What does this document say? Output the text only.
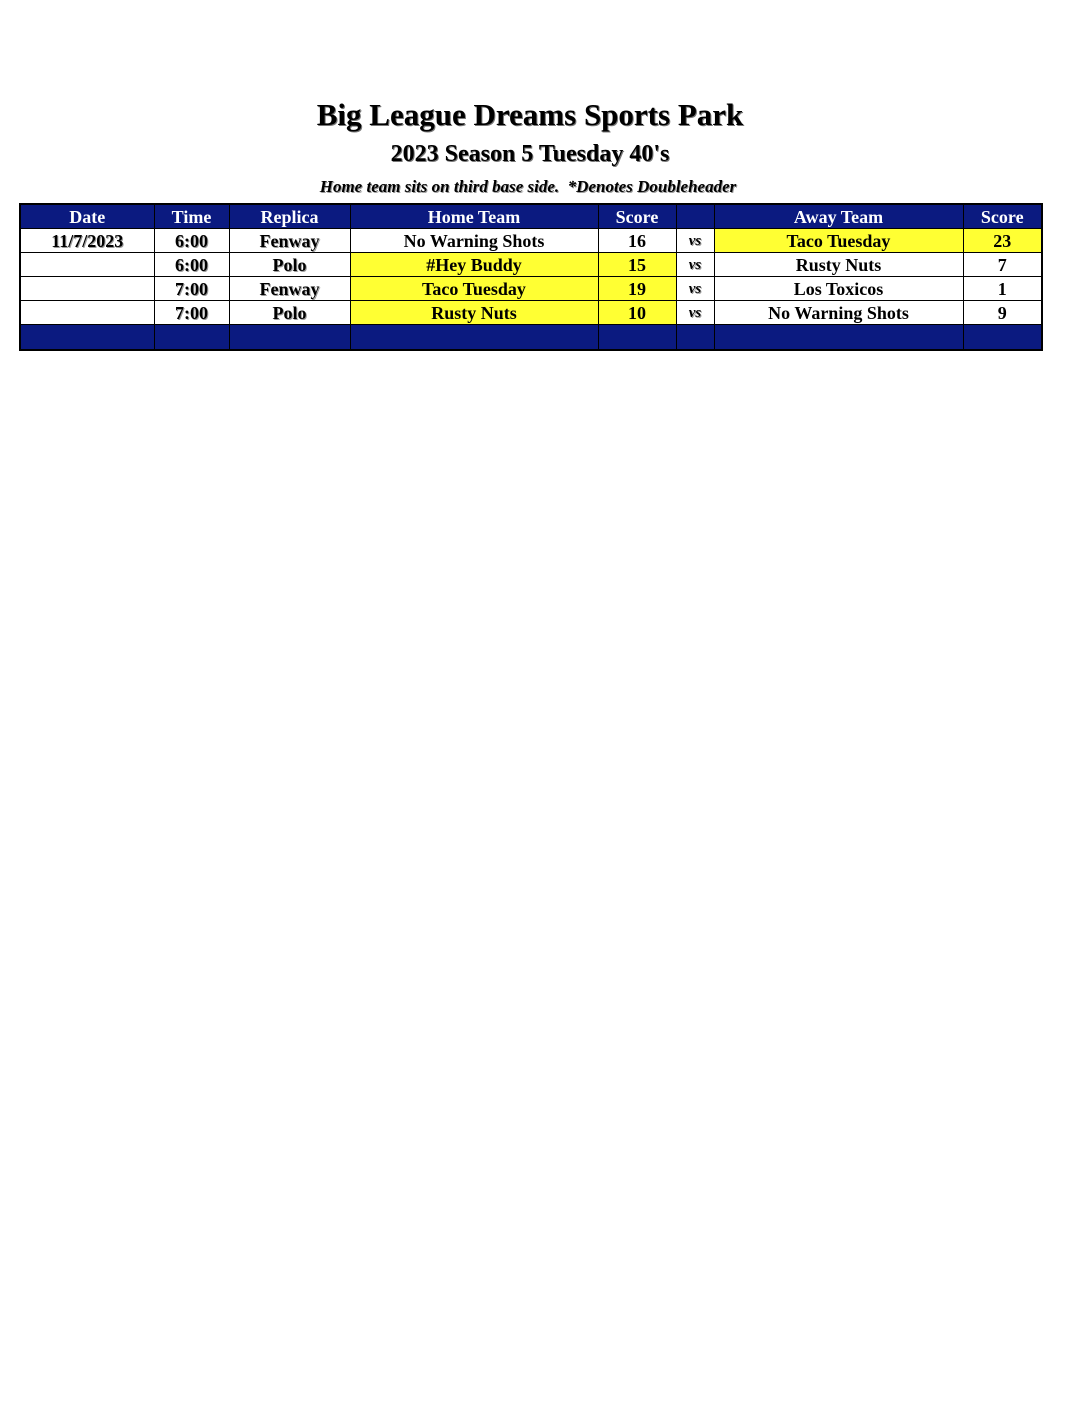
Big League Dreams Sports Park
2023 Season 5 Tuesday 40's
Home team sits on third base side. *Denotes Doubleheader
Date	Time	Replica	Home Team	Score		Away Team	Score
11/7/2023	6:00	Fenway	No Warning Shots	16	vs	Taco Tuesday	23
	6:00	Polo	#Hey Buddy	15	vs	Rusty Nuts	7
	7:00	Fenway	Taco Tuesday	19	vs	Los Toxicos	1
	7:00	Polo	Rusty Nuts	10	vs	No Warning Shots	9
